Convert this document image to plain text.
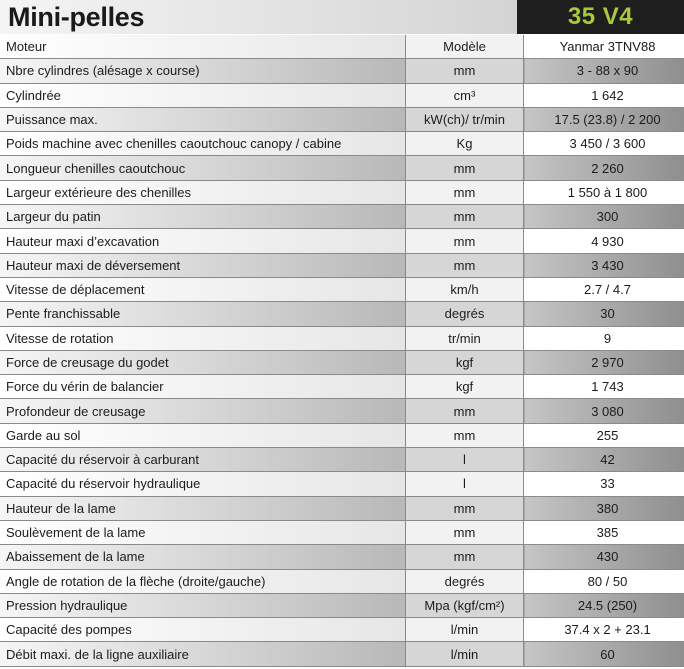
Mini-pelles	35 V4
Moteur	Modèle	Yanmar 3TNV88
Nbre cylindres (alésage x course)	mm	3 - 88 x 90
Cylindrée	cm³	1 642
Puissance max.	kW(ch)/ tr/min	17.5 (23.8) / 2 200
Poids machine avec chenilles caoutchouc canopy / cabine	Kg	3 450 / 3 600
Longueur chenilles caoutchouc	mm	2 260
Largeur extérieure des chenilles	mm	1 550 à 1 800
Largeur du patin	mm	300
Hauteur maxi d’excavation	mm	4 930
Hauteur maxi de déversement	mm	3 430
Vitesse de déplacement	km/h	2.7 / 4.7
Pente franchissable	degrés	30
Vitesse de rotation	tr/min	9
Force de creusage du godet	kgf	2 970
Force du vérin de balancier	kgf	1 743
Profondeur de creusage	mm	3 080
Garde au sol	mm	255
Capacité du réservoir à carburant	l	42
Capacité du réservoir hydraulique	l	33
Hauteur de la lame	mm	380
Soulèvement de la lame	mm	385
Abaissement de la lame	mm	430
Angle de rotation de la flèche (droite/gauche)	degrés	80 / 50
Pression hydraulique	Mpa (kgf/cm²)	24.5 (250)
Capacité des pompes	l/min	37.4 x 2 + 23.1
Débit maxi. de la ligne auxiliaire	l/min	60
